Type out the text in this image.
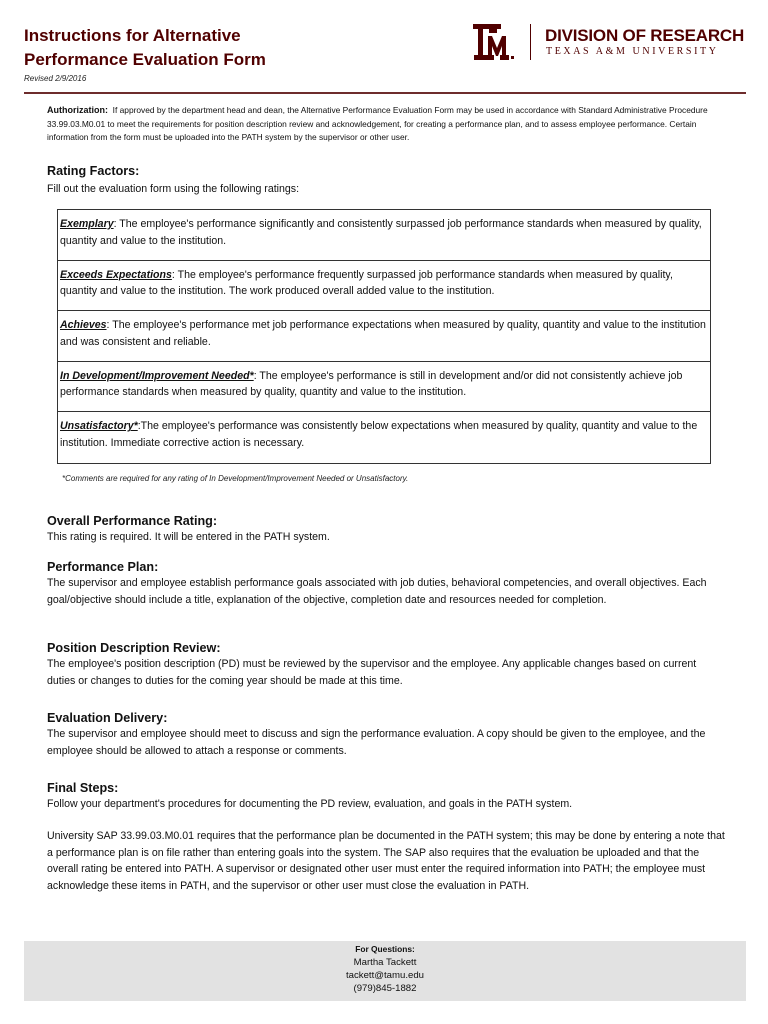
Instructions for Alternative
Performance Evaluation Form
Revised 2/9/2016
DIVISION OF RESEARCH
TEXAS A&M UNIVERSITY

Authorization: If approved by the department head and dean, the Alternative Performance Evaluation Form may be used in accordance with Standard Administrative Procedure 33.99.03.M0.01 to meet the requirements for position description review and acknowledgement, for creating a performance plan, and to assess employee performance. Certain information from the form must be uploaded into the PATH system by the supervisor or other user.

Rating Factors:

Fill out the evaluation form using the following ratings:

Exemplary: The employee's performance significantly and consistently surpassed job performance standards when measured by quality, quantity and value to the institution.
Exceeds Expectations: The employee's performance frequently surpassed job performance standards when measured by quality, quantity and value to the institution. The work produced overall added value to the institution.
Achieves: The employee's performance met job performance expectations when measured by quality, quantity and value to the institution and was consistent and reliable.
In Development/Improvement Needed*: The employee's performance is still in development and/or did not consistently achieve job performance standards when measured by quality, quantity and value to the institution.
Unsatisfactory*:The employee's performance was consistently below expectations when measured by quality, quantity and value to the institution. Immediate corrective action is necessary.
*Comments are required for any rating of In Development/Improvement Needed or Unsatisfactory.
Overall Performance Rating:

This rating is required. It will be entered in the PATH system.

Performance Plan:

The supervisor and employee establish performance goals associated with job duties, behavioral competencies, and overall objectives. Each goal/objective should include a title, explanation of the objective, completion date and resources needed for completion.

Position Description Review:

The employee's position description (PD) must be reviewed by the supervisor and the employee. Any applicable changes based on current duties or changes to duties for the coming year should be made at this time.

Evaluation Delivery:

The supervisor and employee should meet to discuss and sign the performance evaluation. A copy should be given to the employee, and the employee should be allowed to attach a response or comments.

Final Steps:

Follow your department's procedures for documenting the PD review, evaluation, and goals in the PATH system.

University SAP 33.99.03.M0.01 requires that the performance plan be documented in the PATH system; this may be done by entering a note that a performance plan is on file rather than entering goals into the system. The SAP also requires that the evaluation be uploaded and that the overall rating be entered into PATH. A supervisor or designated other user must enter the required information into PATH; the employee must acknowledge these items in PATH, and the supervisor or other user must close the evaluation in PATH.

For Questions:
Martha Tackett
tackett@tamu.edu
(979)845-1882
